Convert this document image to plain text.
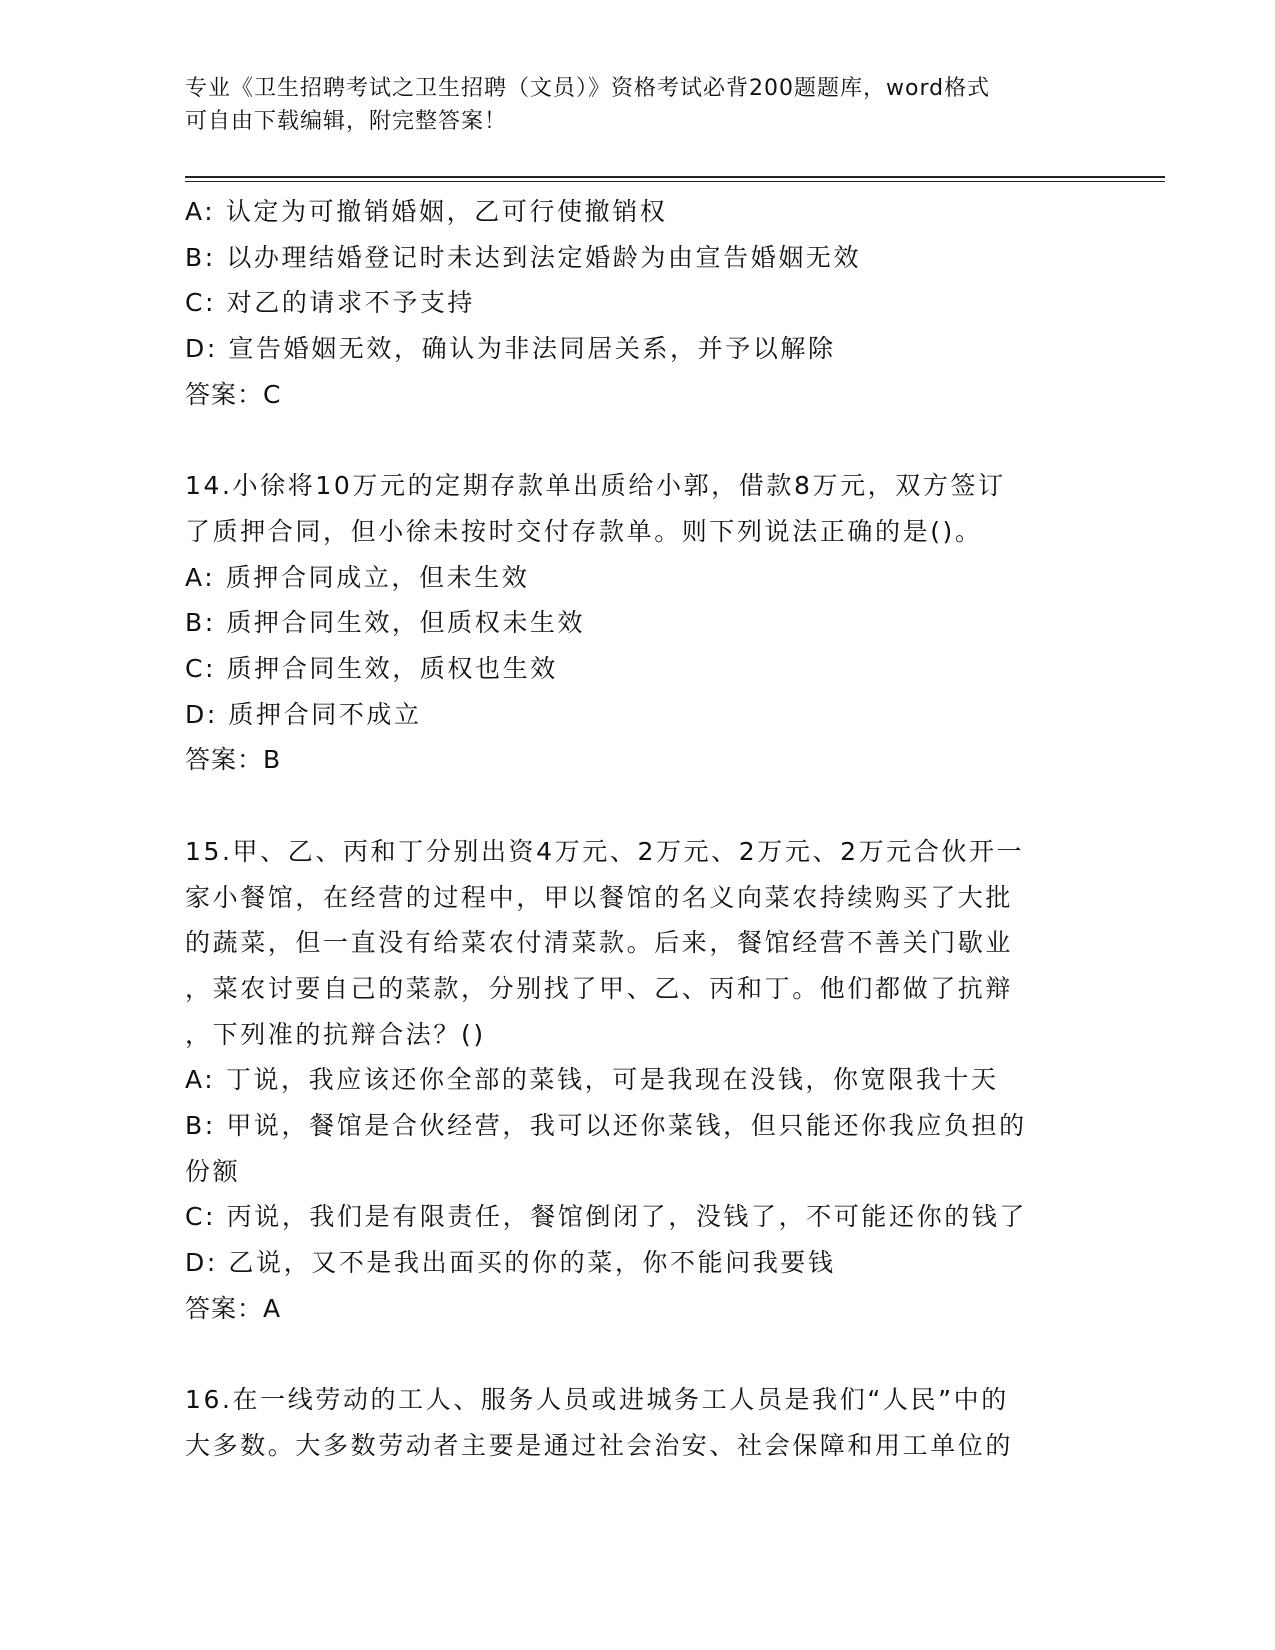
专业《卫生招聘考试之卫生招聘（文员）》资格考试必背200题题库，word格式
可自由下载编辑，附完整答案！
A: 认定为可撤销婚姻，乙可行使撤销权
B: 以办理结婚登记时未达到法定婚龄为由宣告婚姻无效
C: 对乙的请求不予支持
D: 宣告婚姻无效，确认为非法同居关系，并予以解除
答案：C
14.小徐将10万元的定期存款单出质给小郭，借款8万元，双方签订
了质押合同，但小徐未按时交付存款单。则下列说法正确的是()。
A: 质押合同成立，但未生效
B: 质押合同生效，但质权未生效
C: 质押合同生效，质权也生效
D: 质押合同不成立
答案：B
15.甲、乙、丙和丁分别出资4万元、2万元、2万元、2万元合伙开一
家小餐馆，在经营的过程中，甲以餐馆的名义向菜农持续购买了大批
的蔬菜，但一直没有给菜农付清菜款。后来，餐馆经营不善关门歇业
，菜农讨要自己的菜款，分别找了甲、乙、丙和丁。他们都做了抗辩
，下列准的抗辩合法？()
A: 丁说，我应该还你全部的菜钱，可是我现在没钱，你宽限我十天
B: 甲说，餐馆是合伙经营，我可以还你菜钱，但只能还你我应负担的
份额
C: 丙说，我们是有限责任，餐馆倒闭了，没钱了，不可能还你的钱了
D: 乙说，又不是我出面买的你的菜，你不能问我要钱
答案：A
16.在一线劳动的工人、服务人员或进城务工人员是我们“人民”中的
大多数。大多数劳动者主要是通过社会治安、社会保障和用工单位的
